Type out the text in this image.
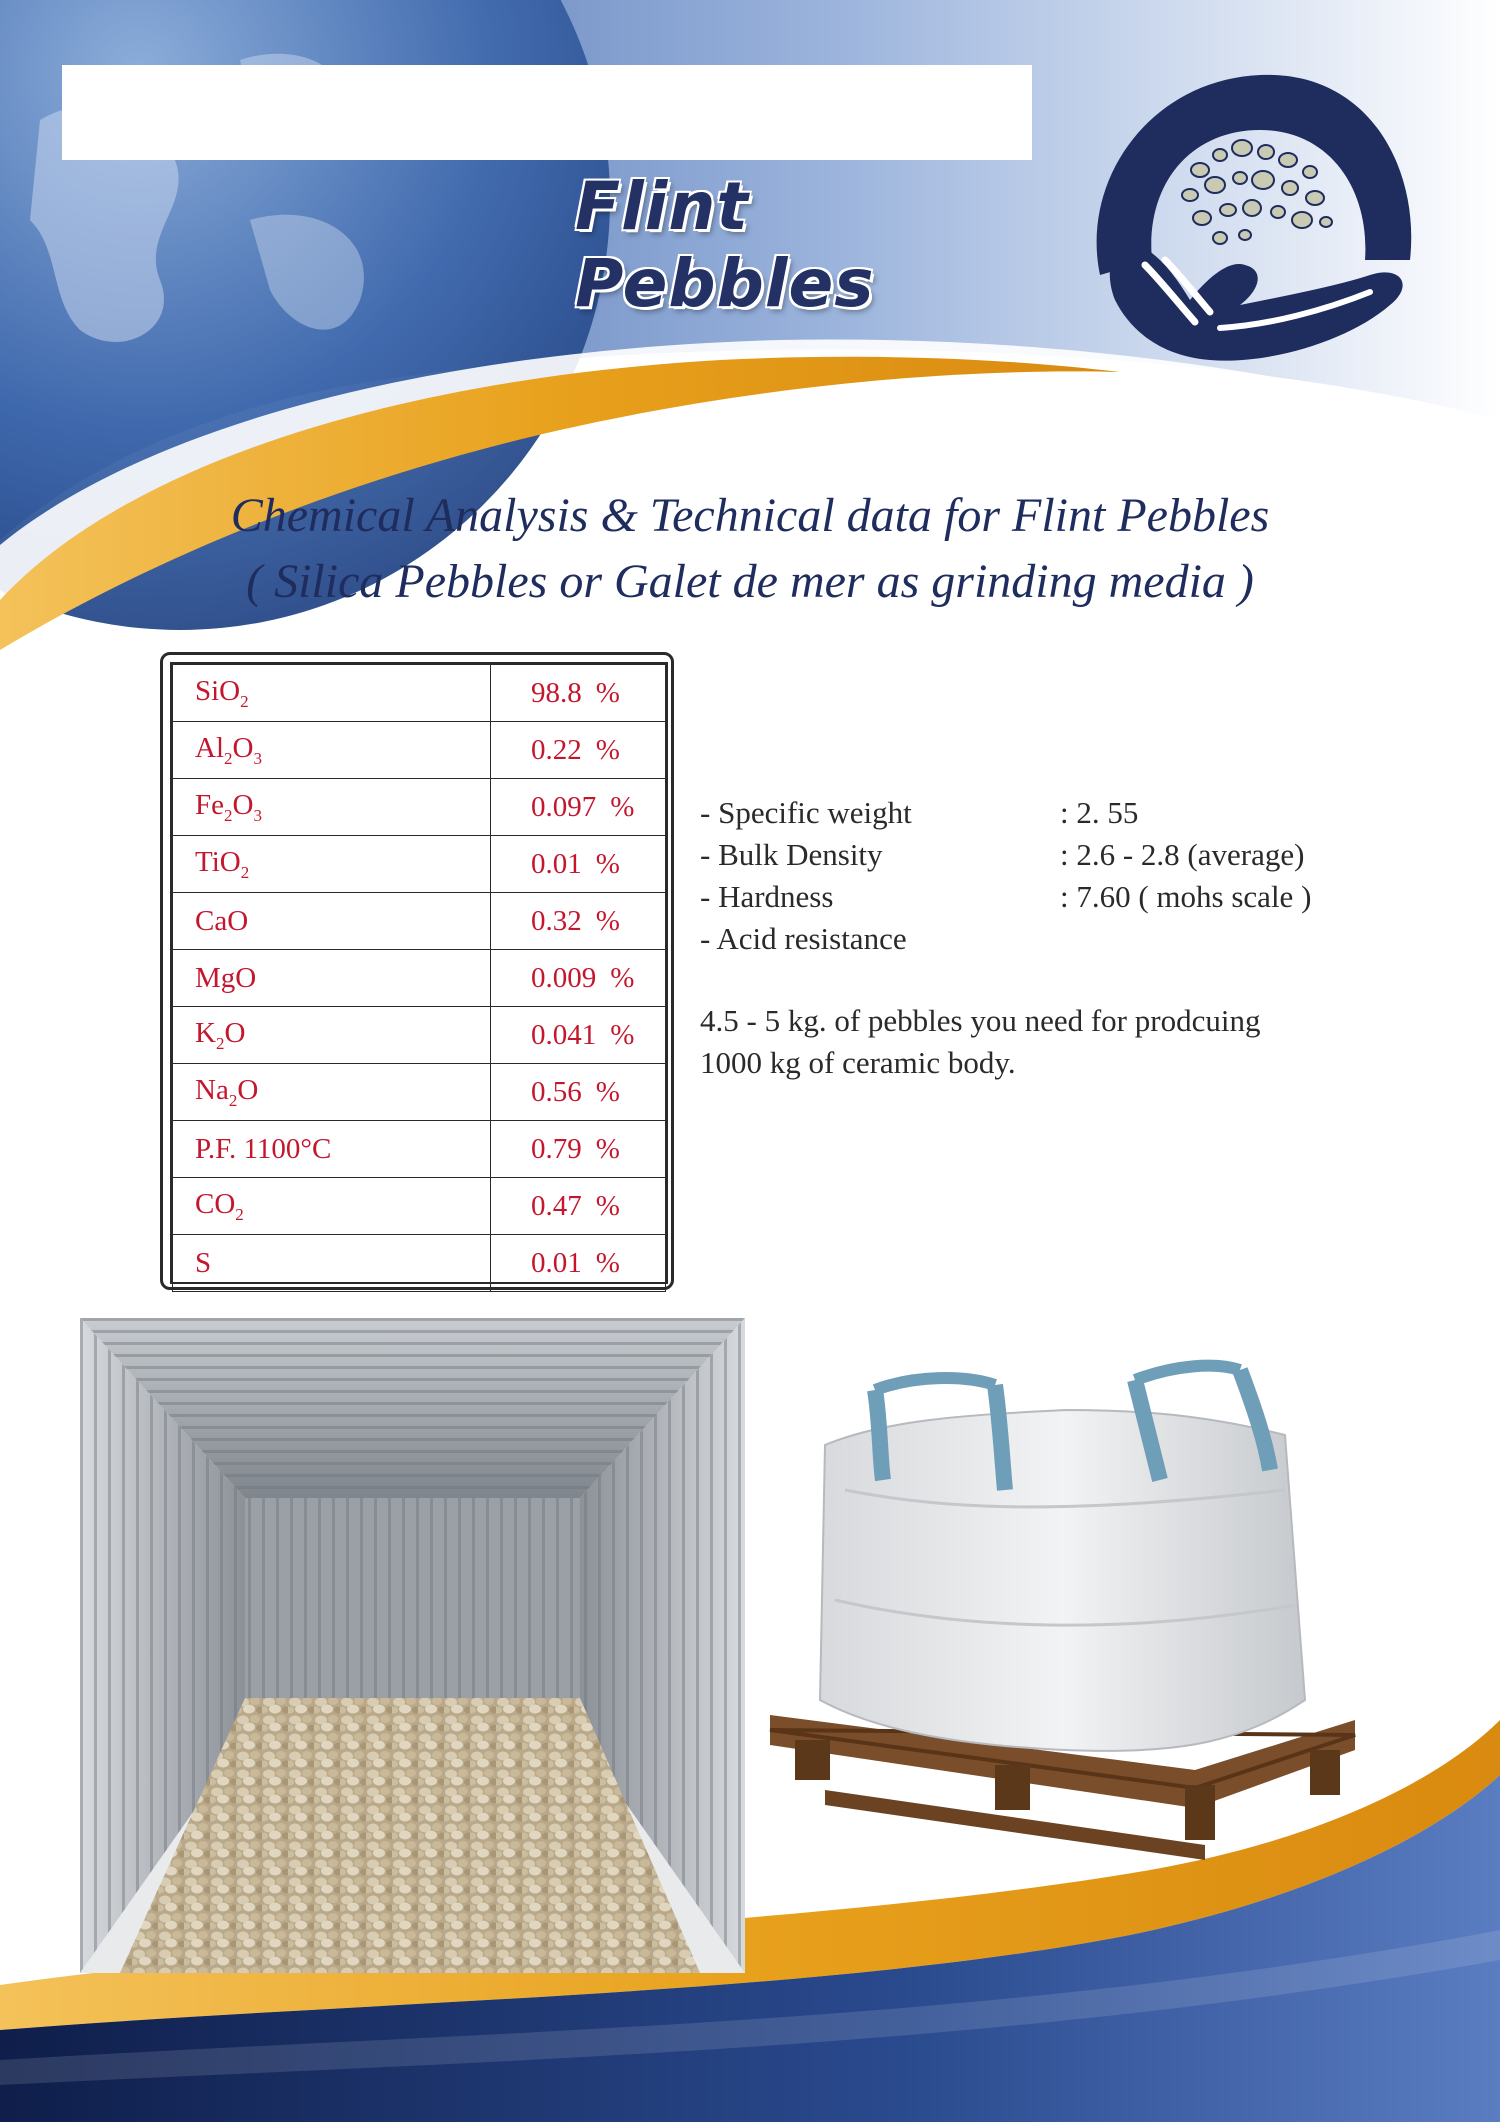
Flint Pebbles
Chemical Analysis & Technical data for Flint Pebbles
( Silica Pebbles or Galet de mer as grinding media )
SiO$_2$	98.8 %
$Al_2O_3$	0.22 %
$Fe_2O_3$	0.097 %
TiO$_2$	0.01 %
CaO	0.32 %
MgO	0.009 %
$K_2O$	0.041 %
$Na_2O$	0.56 %
P.F. 1100°C	0.79 %
$CO_2$	0.47 %
S	0.01 %
- Specific weight	: 2. 55
- Bulk Density	: 2.6 - 2.8 (average)
- Hardness	: 7.60 ( mohs scale )
- Acid resistance
4.5 - 5 kg. of pebbles you need for prodcuing
1000 kg of ceramic body.
